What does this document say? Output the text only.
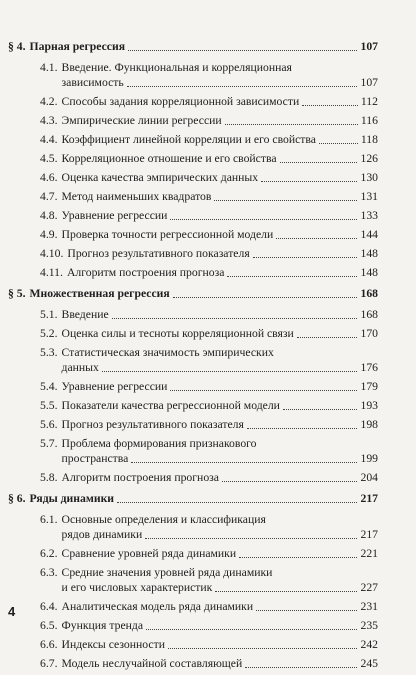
§ 4. Парная регрессия	107
4.1. Введение. Функциональная и корреляционная
зависимость	107
4.2. Способы задания корреляционной зависимости	112
4.3. Эмпирические линии регрессии	116
4.4. Коэффициент линейной корреляции и его свойства	118
4.5. Корреляционное отношение и его свойства	126
4.6. Оценка качества эмпирических данных	130
4.7. Метод наименьших квадратов	131
4.8. Уравнение регрессии	133
4.9. Проверка точности регрессионной модели	144
4.10. Прогноз результативного показателя	148
4.11. Алгоритм построения прогноза	148
§ 5. Множественная регрессия	168
5.1. Введение	168
5.2. Оценка силы и тесноты корреляционной связи	170
5.3. Статистическая значимость эмпирических
данных	176
5.4. Уравнение регрессии	179
5.5. Показатели качества регрессионной модели	193
5.6. Прогноз результативного показателя	198
5.7. Проблема формирования признакового
пространства	199
5.8. Алгоритм построения прогноза	204
§ 6. Ряды динамики	217
6.1. Основные определения и классификация
рядов динамики	217
6.2. Сравнение уровней ряда динамики	221
6.3. Средние значения уровней ряда динамики
и его числовых характеристик	227
6.4. Аналитическая модель ряда динамики	231
6.5. Функция тренда	235
6.6. Индексы сезонности	242
6.7. Модель неслучайной составляющей	245
4
